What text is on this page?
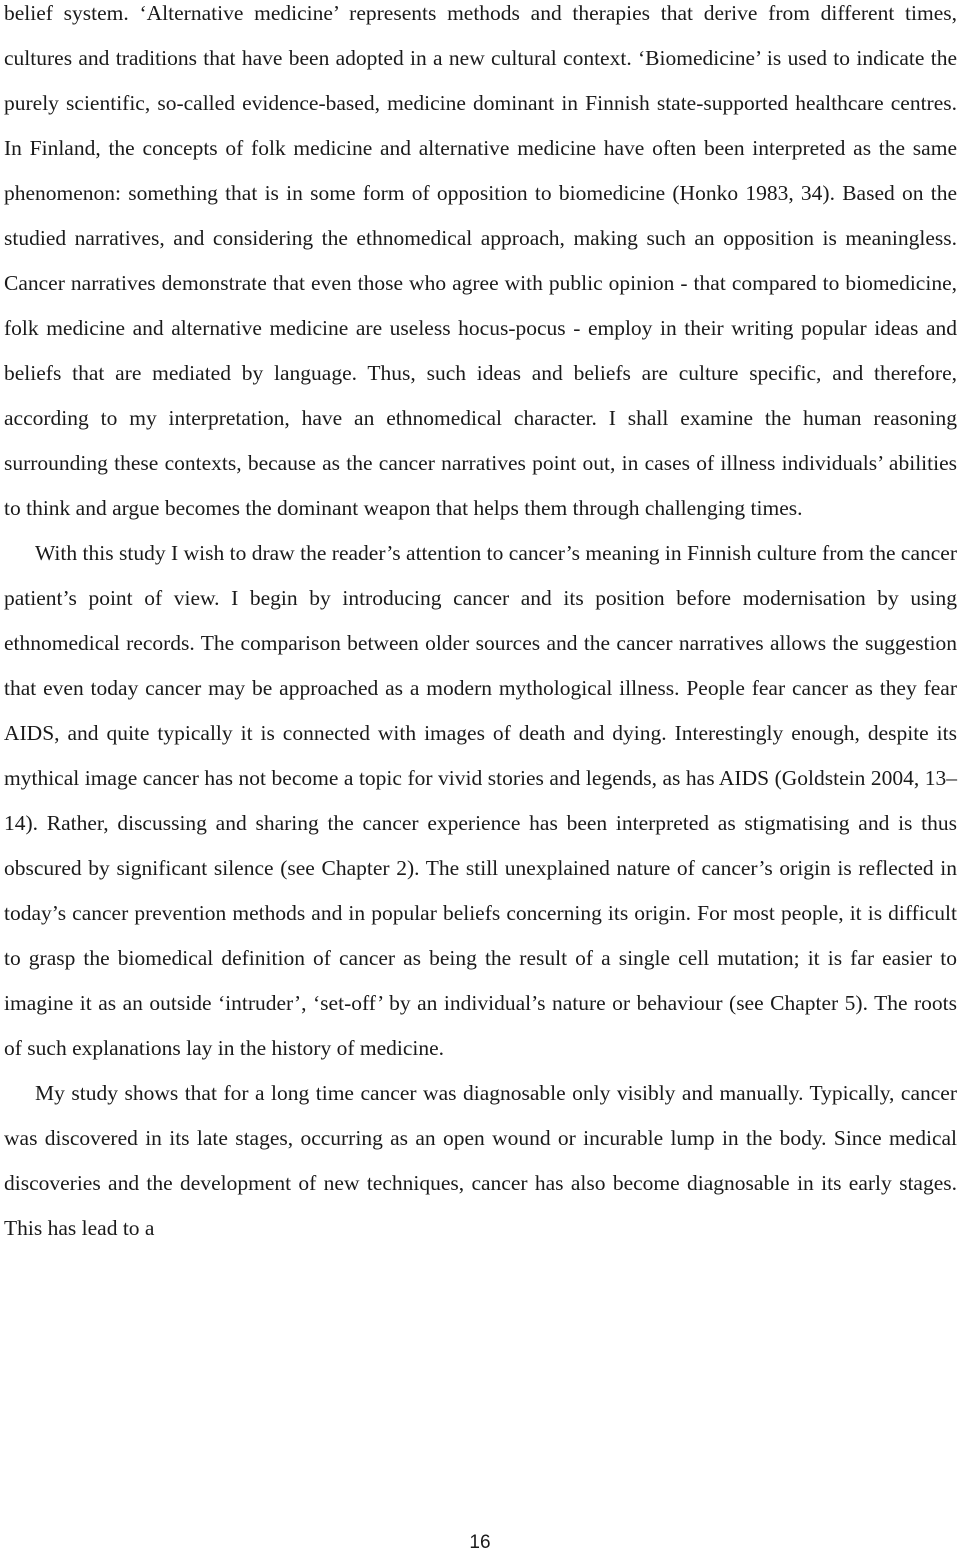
belief system. ‘Alternative medicine’ represents methods and therapies that derive from different times, cultures and traditions that have been adopted in a new cultural context. ‘Biomedicine’ is used to indicate the purely scientific, so-called evidence-based, medicine dominant in Finnish state-supported healthcare centres. In Finland, the concepts of folk medicine and alternative medicine have often been interpreted as the same phenomenon: something that is in some form of opposition to biomedicine (Honko 1983, 34). Based on the studied narratives, and considering the ethnomedical approach, making such an opposition is meaningless. Cancer narratives demonstrate that even those who agree with public opinion - that compared to biomedicine, folk medicine and alternative medicine are useless hocus-pocus - employ in their writing popular ideas and beliefs that are mediated by language. Thus, such ideas and beliefs are culture specific, and therefore, according to my interpretation, have an ethnomedical character. I shall examine the human reasoning surrounding these contexts, because as the cancer narratives point out, in cases of illness individuals’ abilities to think and argue becomes the dominant weapon that helps them through challenging times.

With this study I wish to draw the reader’s attention to cancer’s meaning in Finnish culture from the cancer patient’s point of view. I begin by introducing cancer and its position before modernisation by using ethnomedical records. The comparison between older sources and the cancer narratives allows the suggestion that even today cancer may be approached as a modern mythological illness. People fear cancer as they fear AIDS, and quite typically it is connected with images of death and dying. Interestingly enough, despite its mythical image cancer has not become a topic for vivid stories and legends, as has AIDS (Goldstein 2004, 13–14). Rather, discussing and sharing the cancer experience has been interpreted as stigmatising and is thus obscured by significant silence (see Chapter 2). The still unexplained nature of cancer’s origin is reflected in today’s cancer prevention methods and in popular beliefs concerning its origin. For most people, it is difficult to grasp the biomedical definition of cancer as being the result of a single cell mutation; it is far easier to imagine it as an outside ‘intruder’, ‘set-off’ by an individual’s nature or behaviour (see Chapter 5). The roots of such explanations lay in the history of medicine.

My study shows that for a long time cancer was diagnosable only visibly and manually. Typically, cancer was discovered in its late stages, occurring as an open wound or incurable lump in the body. Since medical discoveries and the development of new techniques, cancer has also become diagnosable in its early stages. This has lead to a

16
